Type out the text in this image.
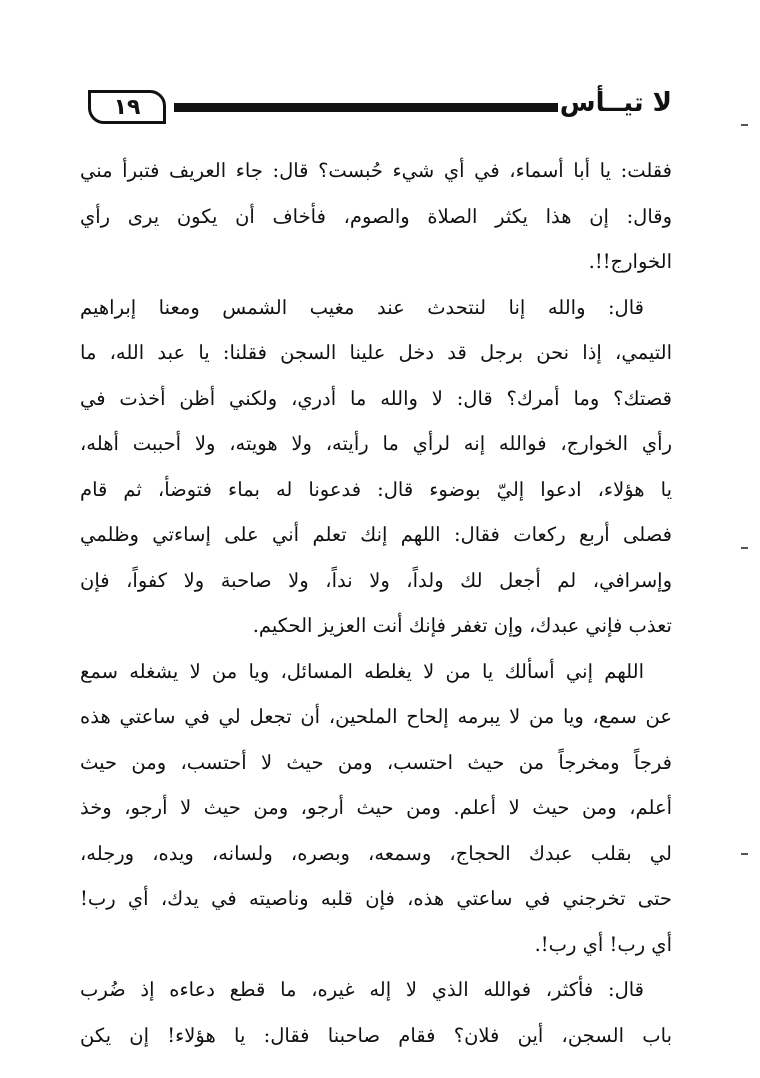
١٩	لا تيــأس
فقلت: يا أبا أسماء، في أي شيء حُبست؟ قال: جاء العريف فتبرأ مني
وقال: إن هذا يكثر الصلاة والصوم، فأخاف أن يكون يرى رأي
الخوارج!!.
قال: والله إنا لنتحدث عند مغيب الشمس ومعنا إبراهيم
التيمي، إذا نحن برجل قد دخل علينا السجن فقلنا: يا عبد الله، ما
قصتك؟ وما أمرك؟ قال: لا والله ما أدري، ولكني أظن أخذت في
رأي الخوارج، فوالله إنه لرأي ما رأيته، ولا هويته، ولا أحببت أهله،
يا هؤلاء، ادعوا إليّ بوضوء قال: فدعونا له بماء فتوضأ، ثم قام
فصلى أربع ركعات فقال: اللهم إنك تعلم أني على إساءتي وظلمي
وإسرافي، لم أجعل لك ولداً، ولا نداً، ولا صاحبة ولا كفواً، فإن
تعذب فإني عبدك، وإن تغفر فإنك أنت العزيز الحكيم.
اللهم إني أسألك يا من لا يغلطه المسائل، ويا من لا يشغله سمع
عن سمع، ويا من لا يبرمه إلحاح الملحين، أن تجعل لي في ساعتي هذه
فرجاً ومخرجاً من حيث احتسب، ومن حيث لا أحتسب، ومن حيث
أعلم، ومن حيث لا أعلم. ومن حيث أرجو، ومن حيث لا أرجو، وخذ
لي بقلب عبدك الحجاج، وسمعه، وبصره، ولسانه، ويده، ورجله،
حتى تخرجني في ساعتي هذه، فإن قلبه وناصيته في يدك، أي رب!
أي رب! أي رب!.
قال: فأكثر، فوالله الذي لا إله غيره، ما قطع دعاءه إذ ضُرب
باب السجن، أين فلان؟ فقام صاحبنا فقال: يا هؤلاء! إن يكن
